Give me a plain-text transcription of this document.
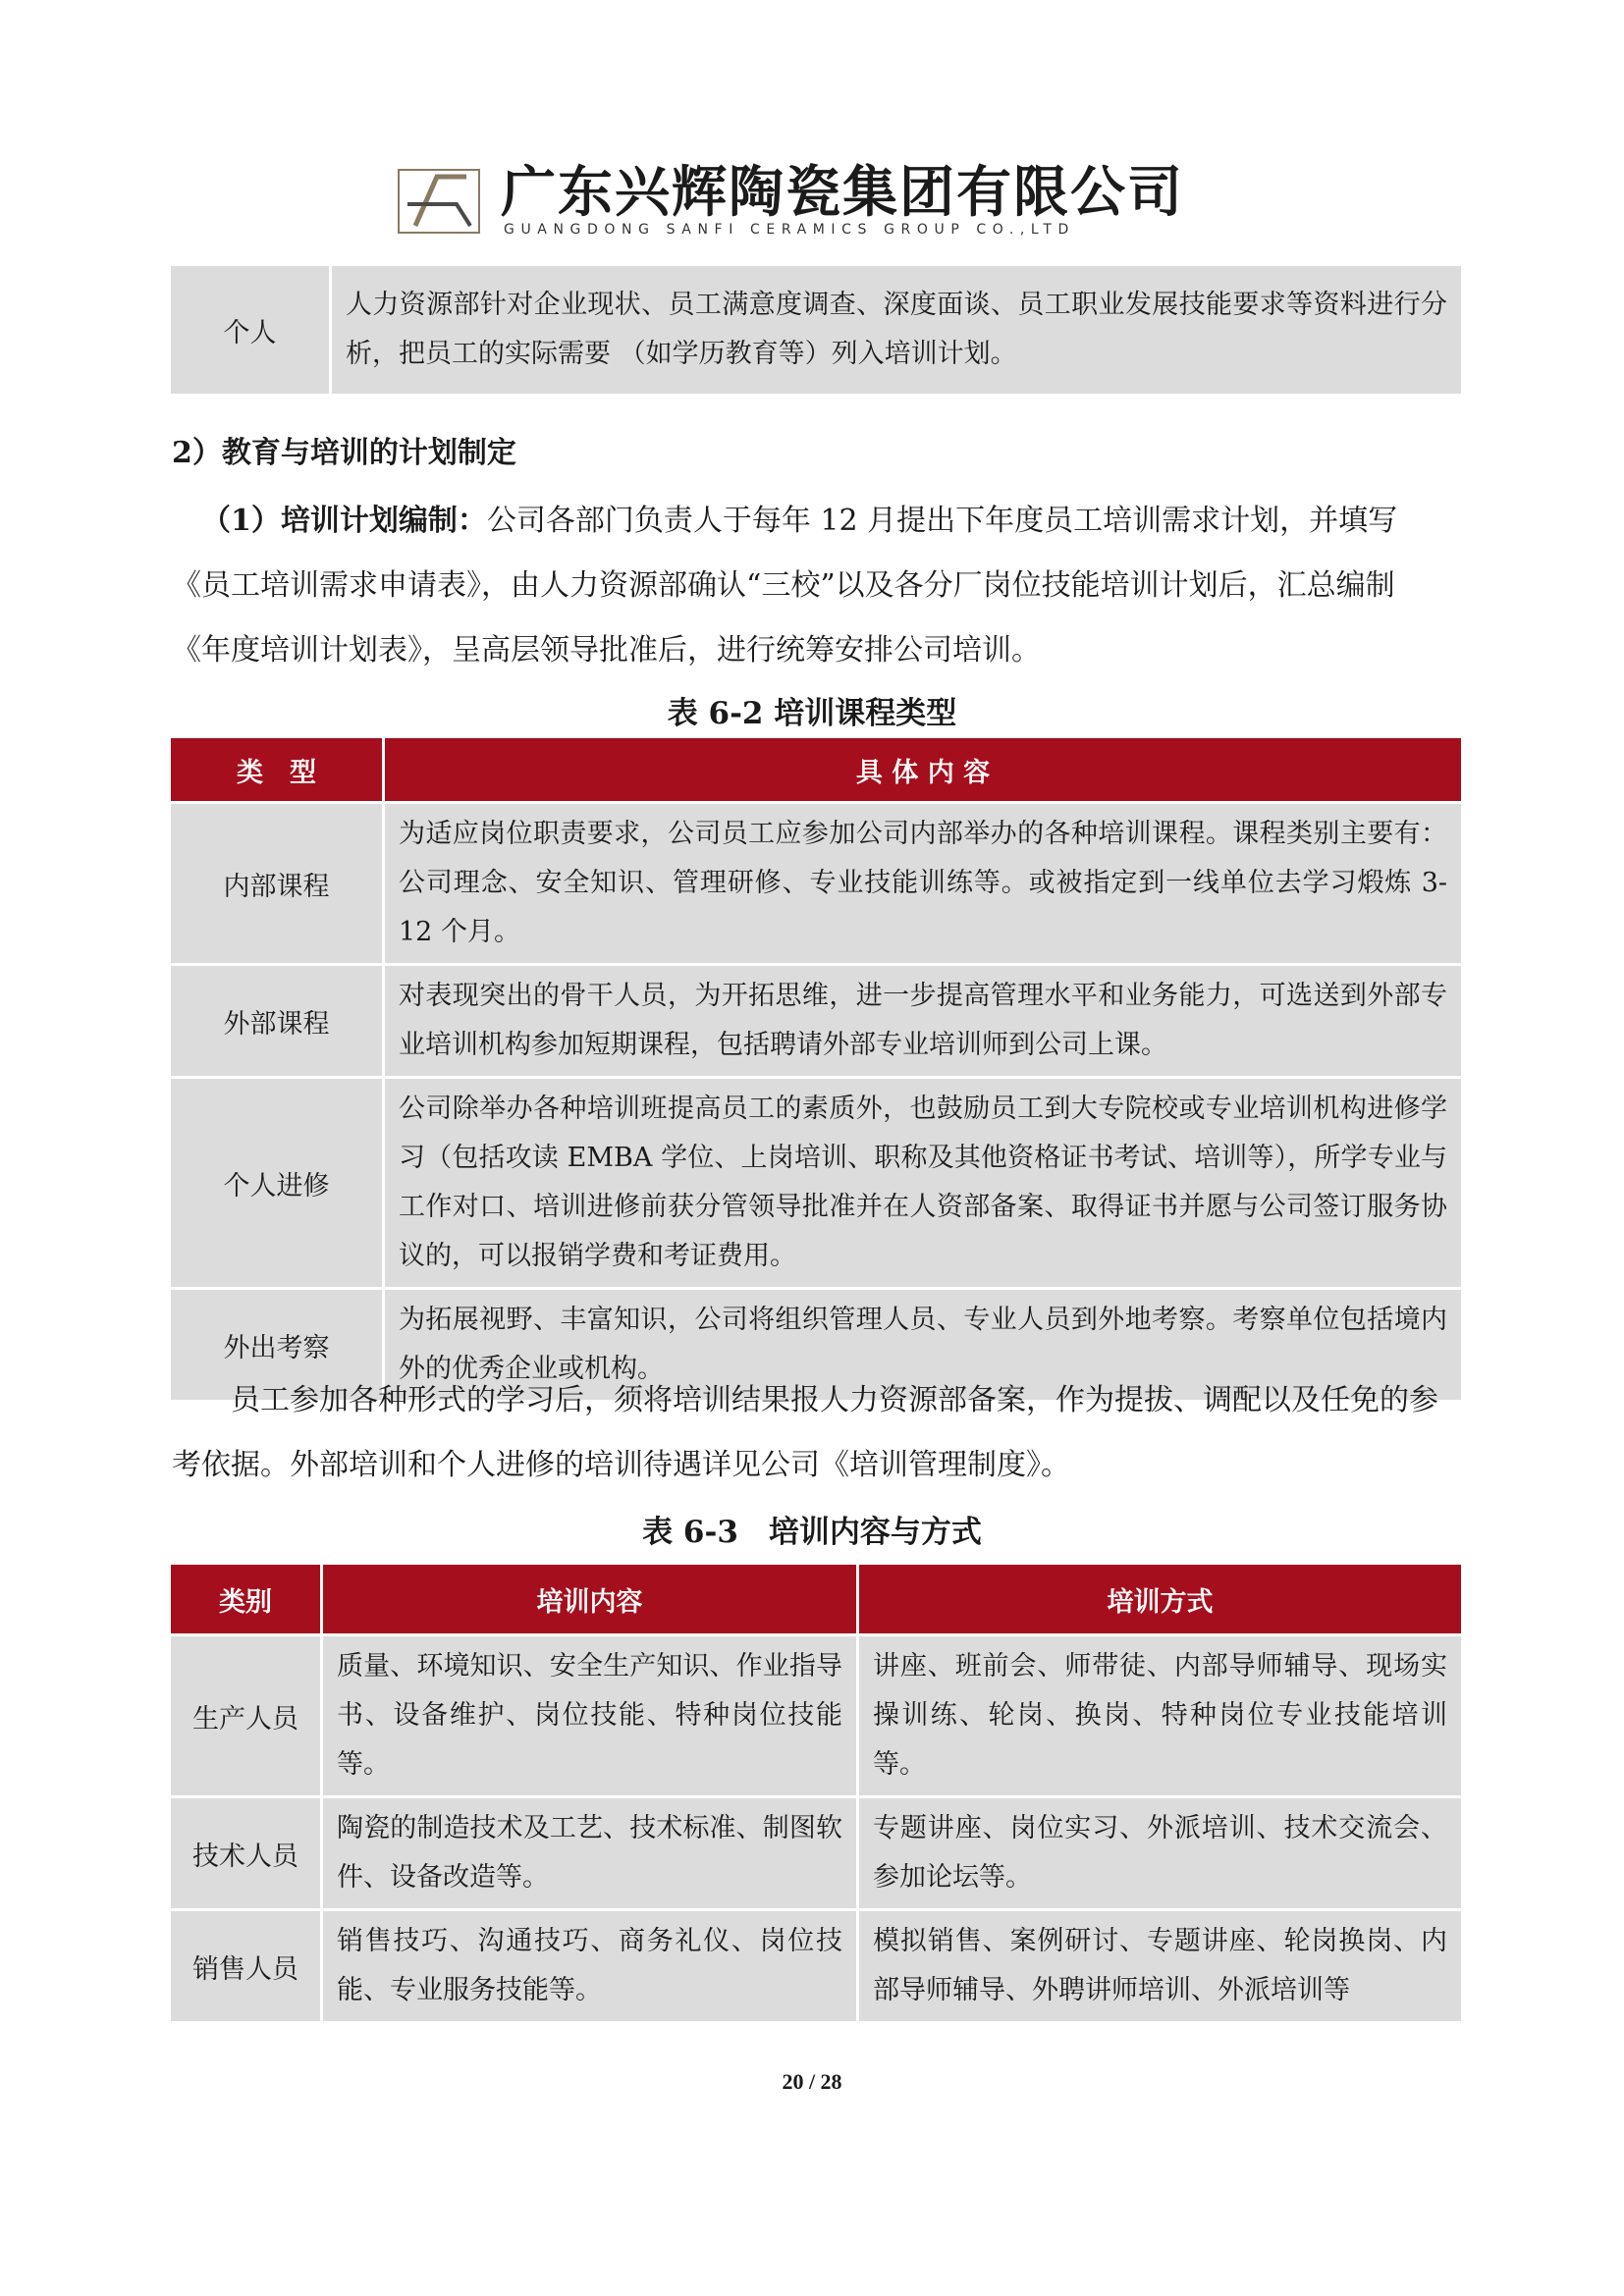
广东兴辉陶瓷集团有限公司
GUANGDONG SANFI CERAMICS GROUP CO.,LTD
个人	人力资源部针对企业现状、员工满意度调查、深度面谈、员工职业发展技能要求等资料进行分析，把员工的实际需要 （如学历教育等）列入培训计划。
2）教育与培训的计划制定
（1）培训计划编制：公司各部门负责人于每年 12 月提出下年度员工培训需求计划，并填写《员工培训需求申请表》，由人力资源部确认“三校”以及各分厂岗位技能培训计划后，汇总编制《年度培训计划表》，呈高层领导批准后，进行统筹安排公司培训。
表 6-2 培训课程类型
类　型	具 体 内 容
内部课程	为适应岗位职责要求，公司员工应参加公司内部举办的各种培训课程。课程类别主要有：公司理念、安全知识、管理研修、专业技能训练等。或被指定到一线单位去学习煅炼 3-12 个月。
外部课程	对表现突出的骨干人员，为开拓思维，进一步提高管理水平和业务能力，可选送到外部专业培训机构参加短期课程，包括聘请外部专业培训师到公司上课。
个人进修	公司除举办各种培训班提高员工的素质外，也鼓励员工到大专院校或专业培训机构进修学习（包括攻读 EMBA 学位、上岗培训、职称及其他资格证书考试、培训等），所学专业与工作对口、培训进修前获分管领导批准并在人资部备案、取得证书并愿与公司签订服务协议的，可以报销学费和考证费用。
外出考察	为拓展视野、丰富知识，公司将组织管理人员、专业人员到外地考察。考察单位包括境内外的优秀企业或机构。
员工参加各种形式的学习后，须将培训结果报人力资源部备案，作为提拔、调配以及任免的参考依据。外部培训和个人进修的培训待遇详见公司《培训管理制度》。
表 6-3　培训内容与方式
类别	培训内容	培训方式
生产人员	质量、环境知识、安全生产知识、作业指导书、设备维护、岗位技能、特种岗位技能等。	讲座、班前会、师带徒、内部导师辅导、现场实操训练、轮岗、换岗、特种岗位专业技能培训等。
技术人员	陶瓷的制造技术及工艺、技术标准、制图软件、设备改造等。	专题讲座、岗位实习、外派培训、技术交流会、参加论坛等。
销售人员	销售技巧、沟通技巧、商务礼仪、岗位技能、专业服务技能等。	模拟销售、案例研讨、专题讲座、轮岗换岗、内部导师辅导、外聘讲师培训、外派培训等
20 / 28
